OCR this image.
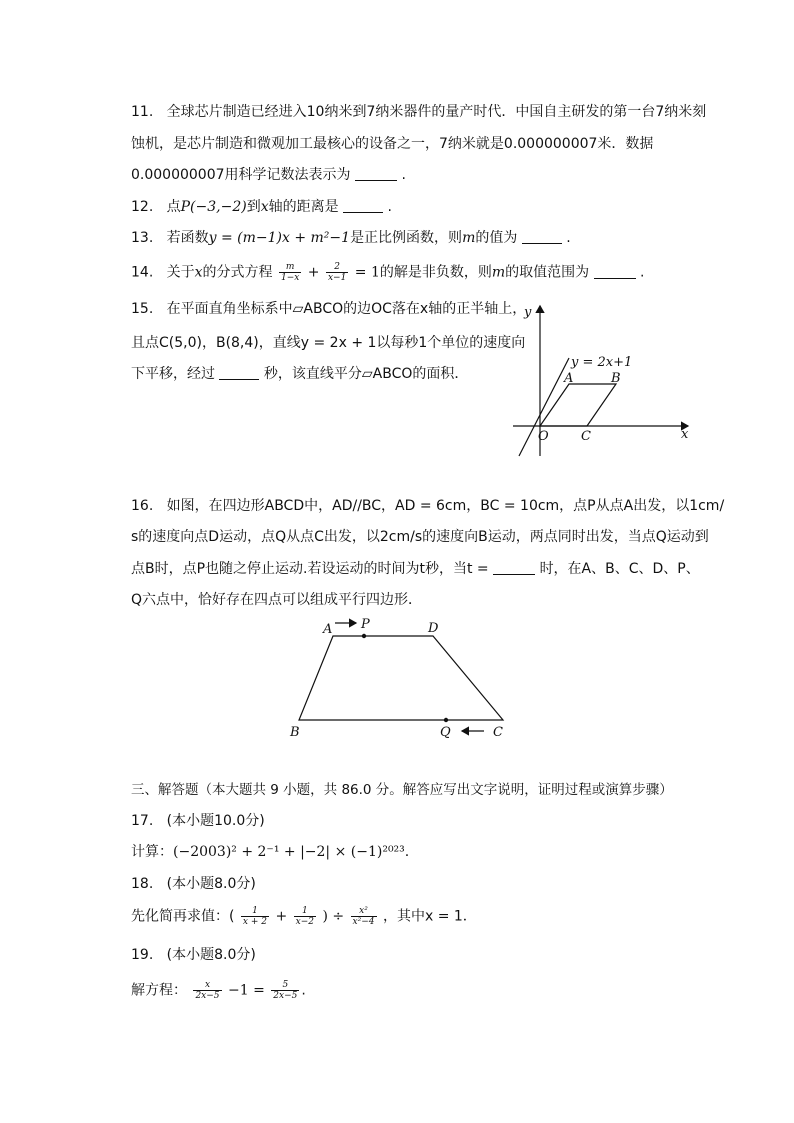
11. 全球芯片制造已经进入10纳米到7纳米器件的量产时代．中国自主研发的第一台7纳米刻
蚀机，是芯片制造和微观加工最核心的设备之一，7纳米就是0.000000007米．数据
0.000000007用科学记数法表示为	.
12. 点P(−3,−2)到x轴的距离是	.
13. 若函数y = (m−1)x + m²−1是正比例函数，则m的值为	.
14. 关于x的分式方程 $\frac{m}{1-x} + \frac{2}{x-1} = 1$的解是非负数，则m的取值范围为	.
15. 在平面直角坐标系中▱ABCO的边OC落在x轴的正半轴上，
且点C(5,0)，B(8,4)，直线y = 2x + 1以每秒1个单位的速度向
下平移，经过	秒，该直线平分▱ABCO的面积．
y
x
O
y = 2x+1
A	B
C
16. 如图，在四边形ABCD中，AD//BC，AD = 6cm，BC = 10cm，点P从点A出发，以1cm/
s的速度向点D运动，点Q从点C出发，以2cm/s的速度向B运动，两点同时出发，当点Q运动到
点B时，点P也随之停止运动.若设运动的时间为t秒，当t =	时，在A、B、C、D、P、
Q六点中，恰好存在四点可以组成平行四边形．
A P	D
B	Q	C
三、解答题（本大题共 9 小题，共 86.0 分。解答应写出文字说明，证明过程或演算步骤）
17. (本小题10.0分)
计算：(−2003)² + 2⁻¹ + |−2| × (−1)²⁰²³.
18. (本小题8.0分)
先化简再求值：( $\frac{1}{x + 2} + \frac{1}{x-2}$ ) ÷ $\frac{\text{x²}}{\text{x²−4}}$ ，其中x = 1．
19. (本小题8.0分)
解方程： $\frac{x}{2x-5} -1 = \frac{5}{2x-5}$ .
